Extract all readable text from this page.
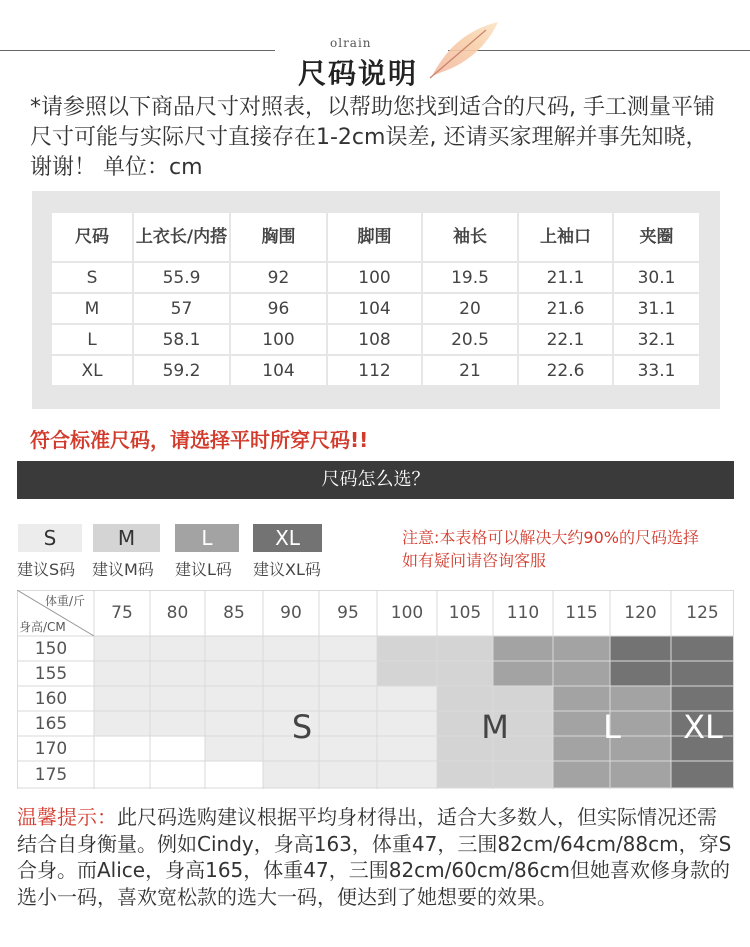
olrain
尺码说明
*请参照以下商品尺寸对照表，以帮助您找到适合的尺码, 手工测量平铺尺寸可能与实际尺寸直接存在1-2cm误差, 还请买家理解并事先知晓，谢谢！ 单位：cm
尺码	上衣长/内搭	胸围	脚围	袖长	上袖口	夹圈
S	55.9	92	100	19.5	21.1	30.1
M	57	96	104	20	21.6	31.1
L	58.1	100	108	20.5	22.1	32.1
XL	59.2	104	112	21	22.6	33.1
符合标准尺码，请选择平时所穿尺码!!
尺码怎么选？
S	M	L	XL
建议S码 建议M码 建议L码 建议XL码
注意:本表格可以解决大约90%的尺码选择
如有疑问请咨询客服
体重/斤
身高/CM
75	80	85	90	95	100	105	110	115	120	125
150
155
160
165
170
175
S	M	L	XL
温馨提示：此尺码选购建议根据平均身材得出，适合大多数人，但实际情况还需结合自身衡量。例如Cindy，身高163，体重47，三围82cm/64cm/88cm，穿S合身。而Alice，身高165，体重47，三围82cm/60cm/86cm但她喜欢修身款的选小一码，喜欢宽松款的选大一码，便达到了她想要的效果。
